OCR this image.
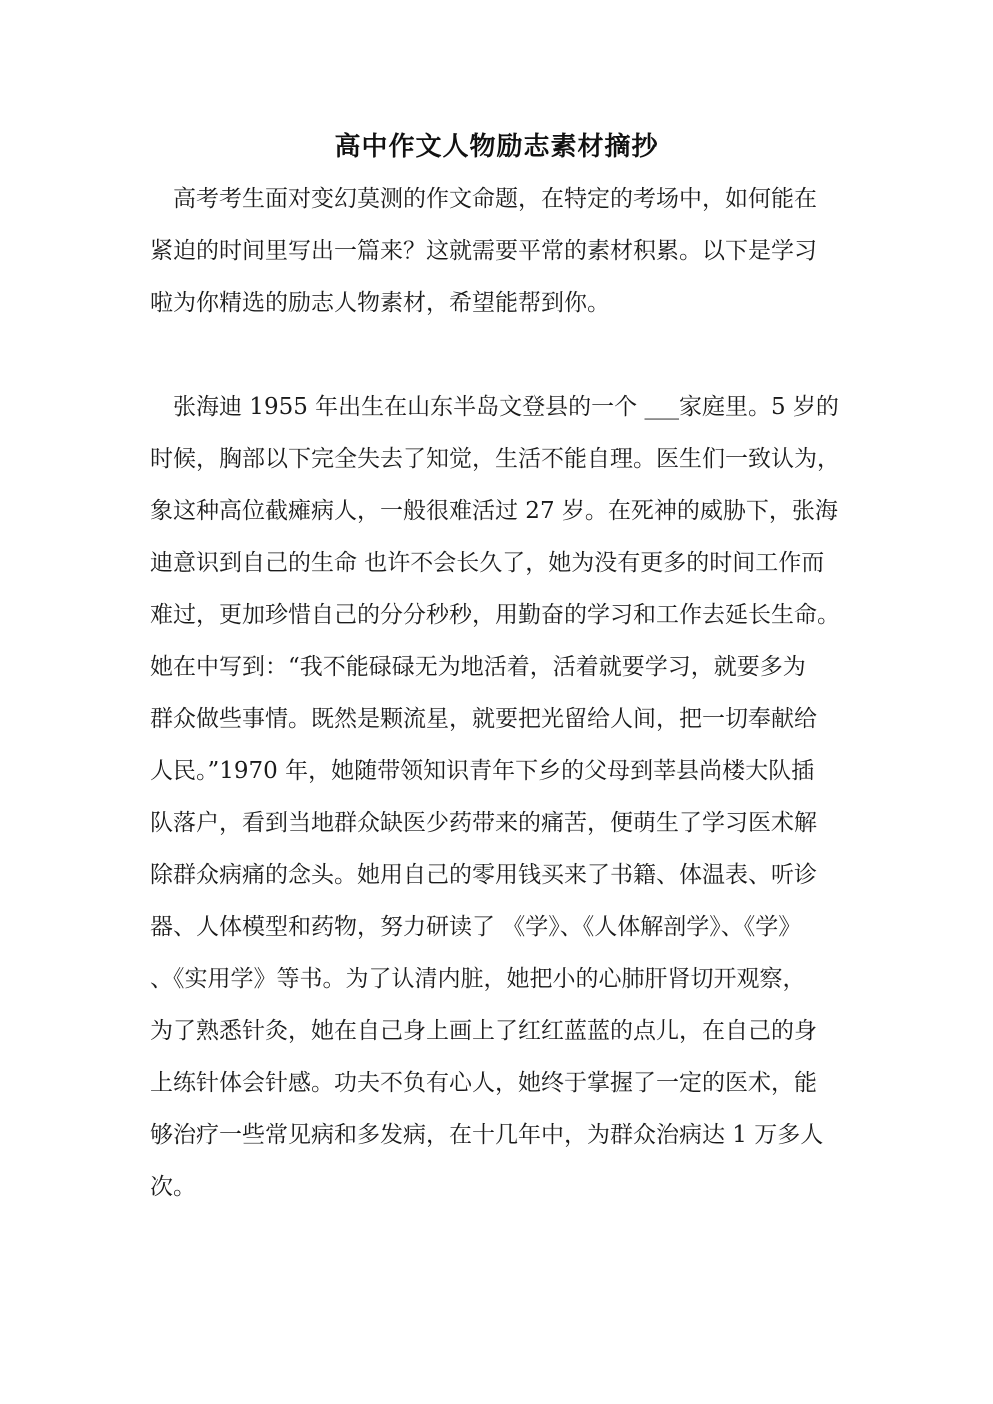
高中作文人物励志素材摘抄
高考考生面对变幻莫测的作文命题，在特定的考场中，如何能在
紧迫的时间里写出一篇来？这就需要平常的素材积累。以下是学习
啦为你精选的励志人物素材，希望能帮到你。
张海迪 1955 年出生在山东半岛文登县的一个 ___家庭里。5 岁的
时候，胸部以下完全失去了知觉，生活不能自理。医生们一致认为，
象这种高位截瘫病人，一般很难活过 27 岁。在死神的威胁下，张海
迪意识到自己的生命 也许不会长久了，她为没有更多的时间工作而
难过，更加珍惜自己的分分秒秒，用勤奋的学习和工作去延长生命。
她在中写到：“我不能碌碌无为地活着，活着就要学习，就要多为
群众做些事情。既然是颗流星，就要把光留给人间，把一切奉献给
人民。”1970 年，她随带领知识青年下乡的父母到莘县尚楼大队插
队落户，看到当地群众缺医少药带来的痛苦，便萌生了学习医术解
除群众病痛的念头。她用自己的零用钱买来了书籍、体温表、听诊
器、人体模型和药物，努力研读了 《学》、《人体解剖学》、《学》
、《实用学》等书。为了认清内脏，她把小的心肺肝肾切开观察，
为了熟悉针灸，她在自己身上画上了红红蓝蓝的点儿，在自己的身
上练针体会针感。功夫不负有心人，她终于掌握了一定的医术，能
够治疗一些常见病和多发病，在十几年中，为群众治病达 1 万多人
次。
